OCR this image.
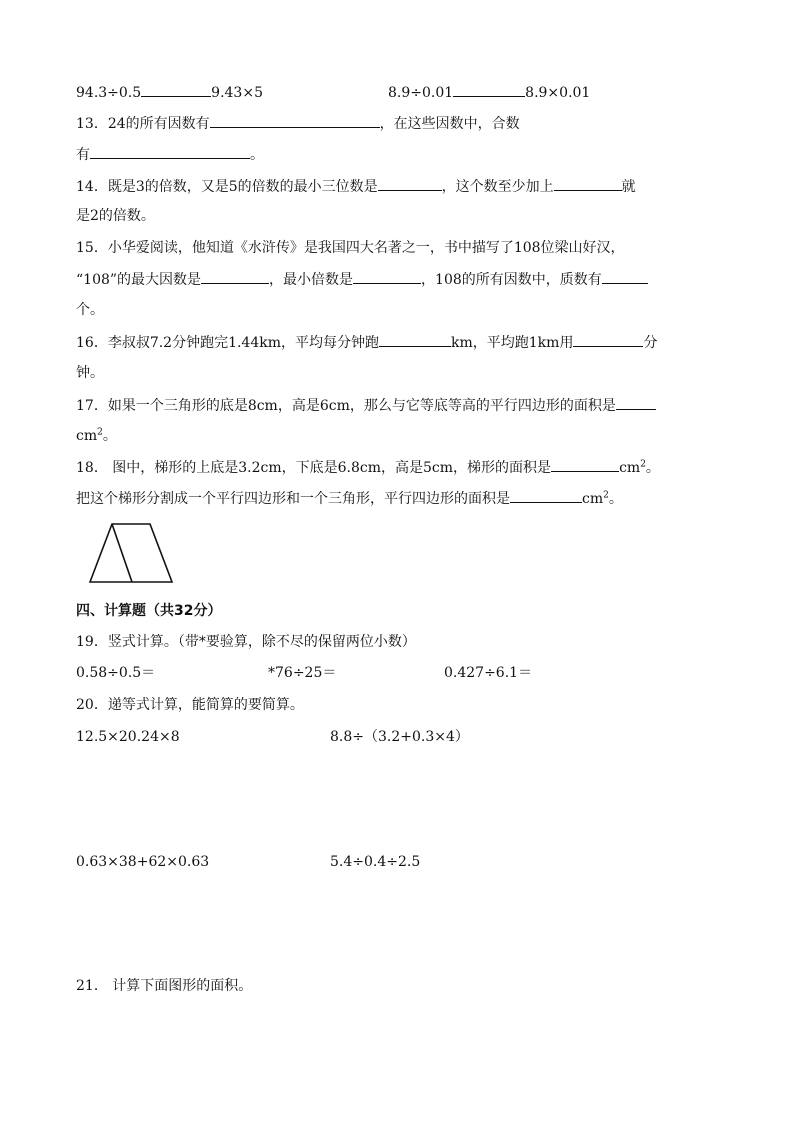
94.3÷0.5	9.43×5	8.9÷0.01	8.9×0.01
13．24的所有因数有	，在这些因数中，合数
有	。
14．既是3的倍数，又是5的倍数的最小三位数是	，这个数至少加上	就
是2的倍数。
15．小华爱阅读，他知道《水浒传》是我国四大名著之一，书中描写了108位梁山好汉，
“108”的最大因数是	，最小倍数是	，108的所有因数中，质数有
个。
16．李叔叔7.2分钟跑完1.44km，平均每分钟跑	km，平均跑1km用	分
钟。
17．如果一个三角形的底是8cm，高是6cm，那么与它等底等高的平行四边形的面积是
$cm^2$。
18． 图中，梯形的上底是3.2cm，下底是6.8cm，高是5cm，梯形的面积是	$cm^2$。
把这个梯形分割成一个平行四边形和一个三角形，平行四边形的面积是	$cm^2$。
四、计算题（共32分）
19．竖式计算。（带*要验算，除不尽的保留两位小数）
0.58÷0.5＝	*76÷25＝	0.427÷6.1＝
20．递等式计算，能简算的要简算。
12.5×20.24×8	8.8÷（3.2+0.3×4）
0.63×38+62×0.63	5.4÷0.4÷2.5
21． 计算下面图形的面积。
